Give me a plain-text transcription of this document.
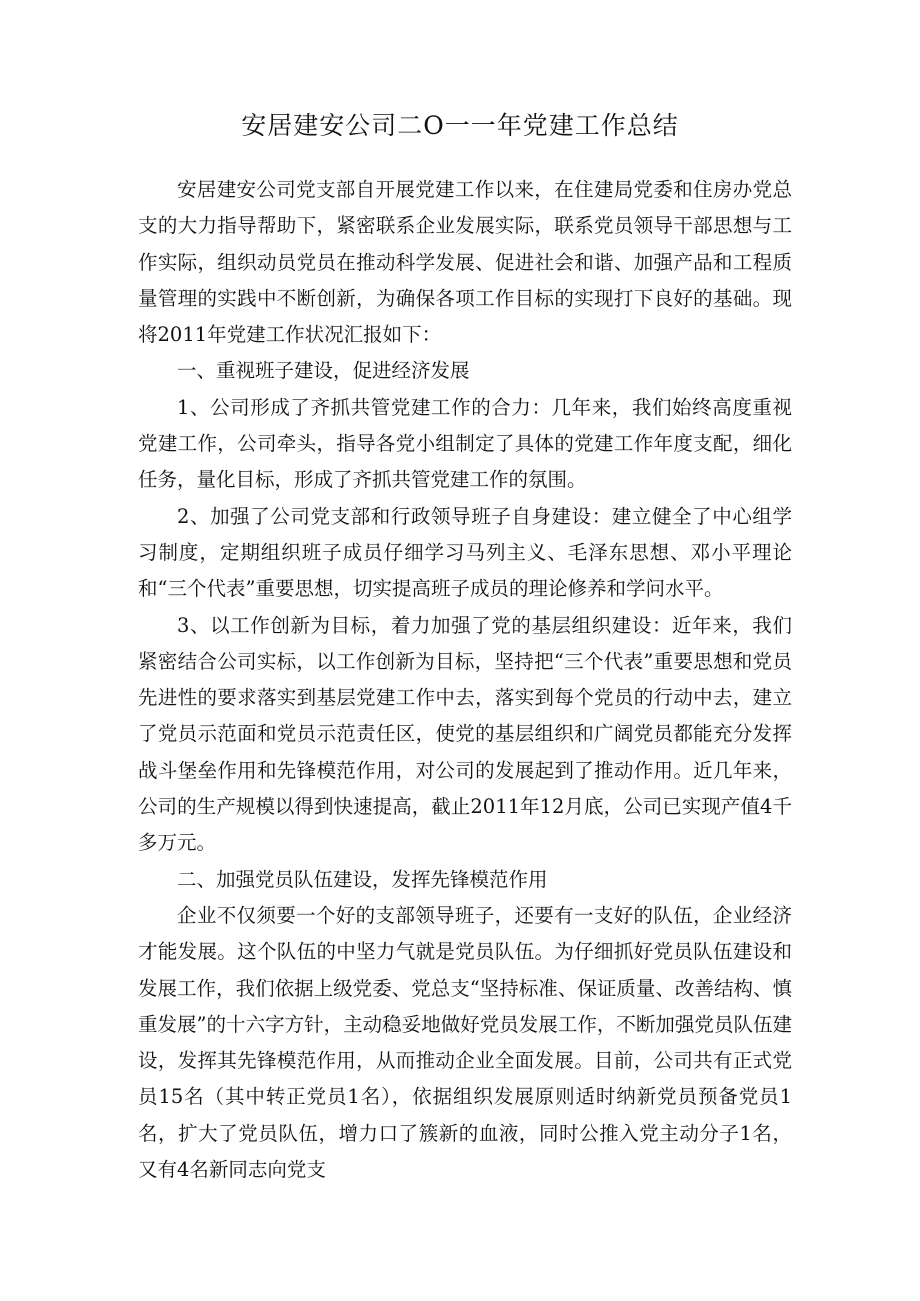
安居建安公司二O一一年党建工作总结

安居建安公司党支部自开展党建工作以来，在住建局党委和住房办党总支的大力指导帮助下，紧密联系企业发展实际，联系党员领导干部思想与工作实际，组织动员党员在推动科学发展、促进社会和谐、加强产品和工程质量管理的实践中不断创新，为确保各项工作目标的实现打下良好的基础。现将2011年党建工作状况汇报如下：

一、重视班子建设，促进经济发展

1、公司形成了齐抓共管党建工作的合力：几年来，我们始终高度重视党建工作，公司牵头，指导各党小组制定了具体的党建工作年度支配，细化任务，量化目标，形成了齐抓共管党建工作的氛围。

2、加强了公司党支部和行政领导班子自身建设：建立健全了中心组学习制度，定期组织班子成员仔细学习马列主义、毛泽东思想、邓小平理论和“三个代表”重要思想，切实提高班子成员的理论修养和学问水平。

3、以工作创新为目标，着力加强了党的基层组织建设：近年来，我们紧密结合公司实标，以工作创新为目标，坚持把“三个代表”重要思想和党员先进性的要求落实到基层党建工作中去，落实到每个党员的行动中去，建立了党员示范面和党员示范责任区，使党的基层组织和广阔党员都能充分发挥战斗堡垒作用和先锋模范作用，对公司的发展起到了推动作用。近几年来，公司的生产规模以得到快速提高，截止2011年12月底，公司已实现产值4千多万元。

二、加强党员队伍建设，发挥先锋模范作用

企业不仅须要一个好的支部领导班子，还要有一支好的队伍，企业经济才能发展。这个队伍的中坚力气就是党员队伍。为仔细抓好党员队伍建设和发展工作，我们依据上级党委、党总支“坚持标准、保证质量、改善结构、慎重发展”的十六字方针，主动稳妥地做好党员发展工作，不断加强党员队伍建设，发挥其先锋模范作用，从而推动企业全面发展。目前，公司共有正式党员15名（其中转正党员1名），依据组织发展原则适时纳新党员预备党员1名，扩大了党员队伍，增力口了簇新的血液，同时公推入党主动分子1名，又有4名新同志向党支
